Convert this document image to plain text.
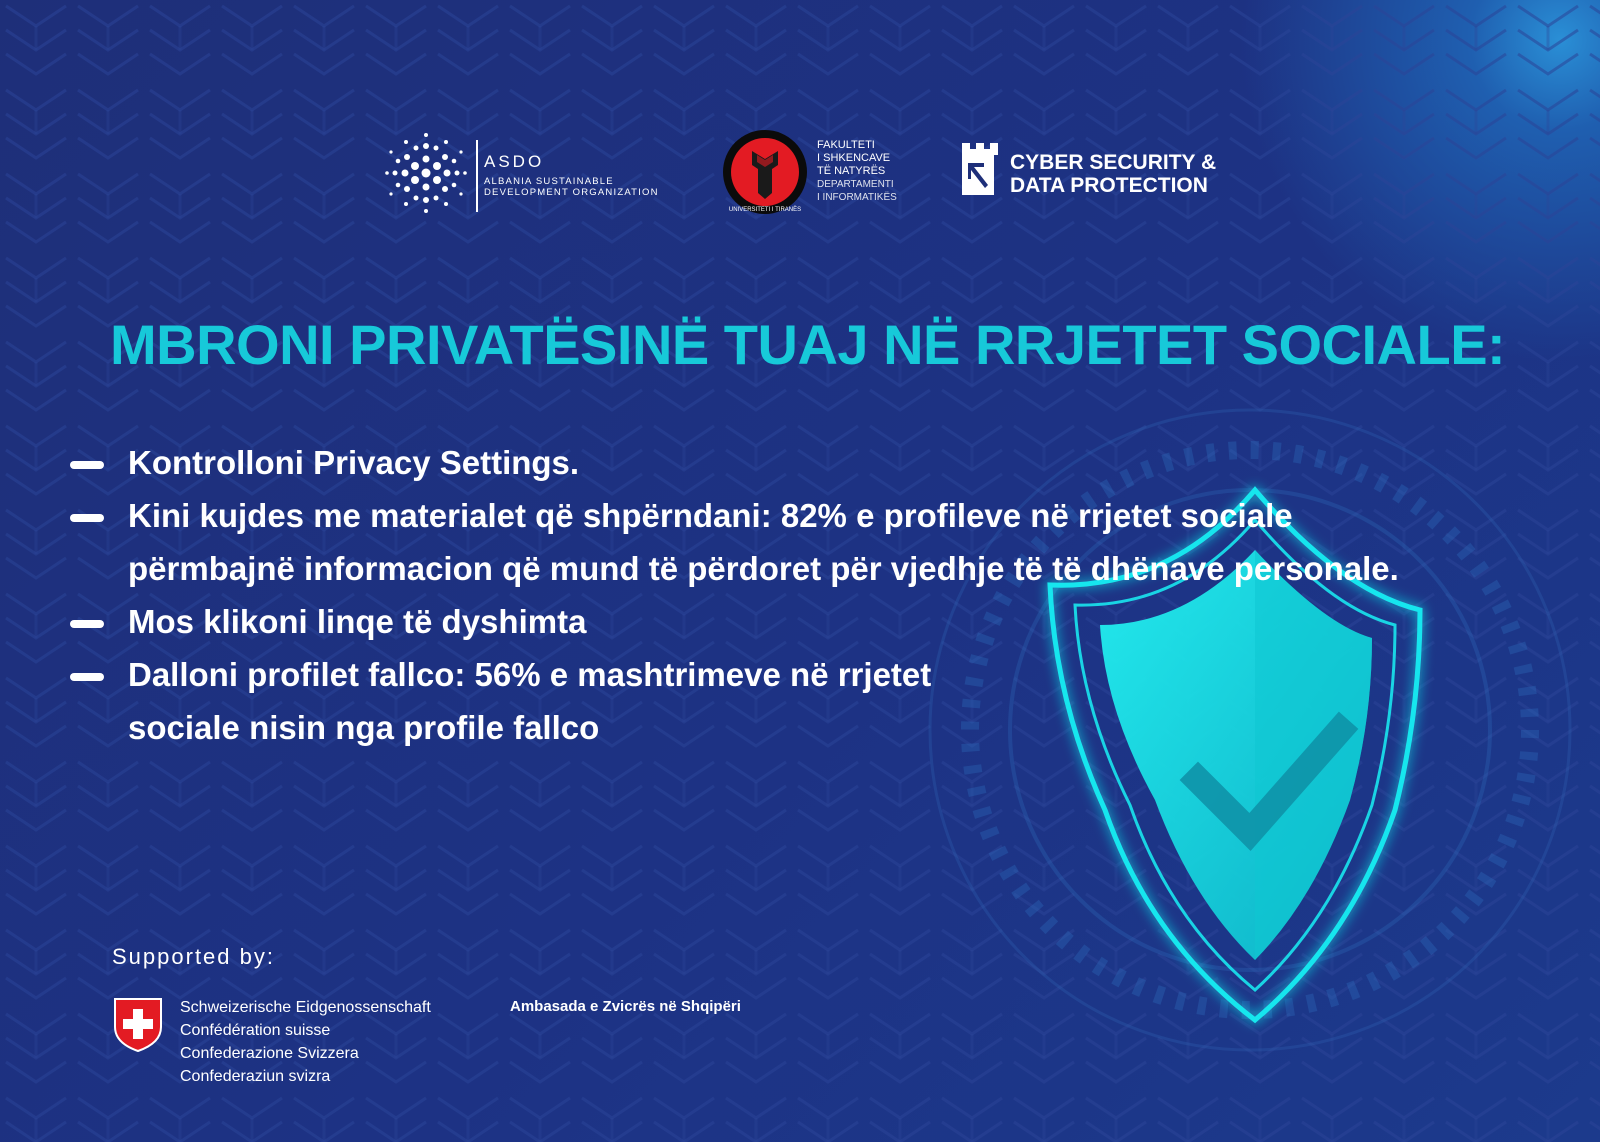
ASDO
ALBANIA SUSTAINABLE
DEVELOPMENT ORGANIZATION
UNIVERSITETI I TIRANËS
FAKULTETI
I SHKENCAVE
TË NATYRËS
DEPARTAMENTI
I INFORMATIKËS
CYBER SECURITY &
DATA PROTECTION
MBRONI PRIVATËSINË TUAJ NË RRJETET SOCIALE:
Kontrolloni Privacy Settings.
Kini kujdes me materialet që shpërndani: 82% e profileve në rrjetet sociale
përmbajnë informacion që mund të përdoret për vjedhje të të dhënave personale.
Mos klikoni linqe të dyshimta
Dalloni profilet fallco: 56% e mashtrimeve në rrjetet
sociale nisin nga profile fallco
Supported by:
Schweizerische Eidgenossenschaft
Confédération suisse
Confederazione Svizzera
Confederaziun svizra
Ambasada e Zvicrës në Shqipëri
